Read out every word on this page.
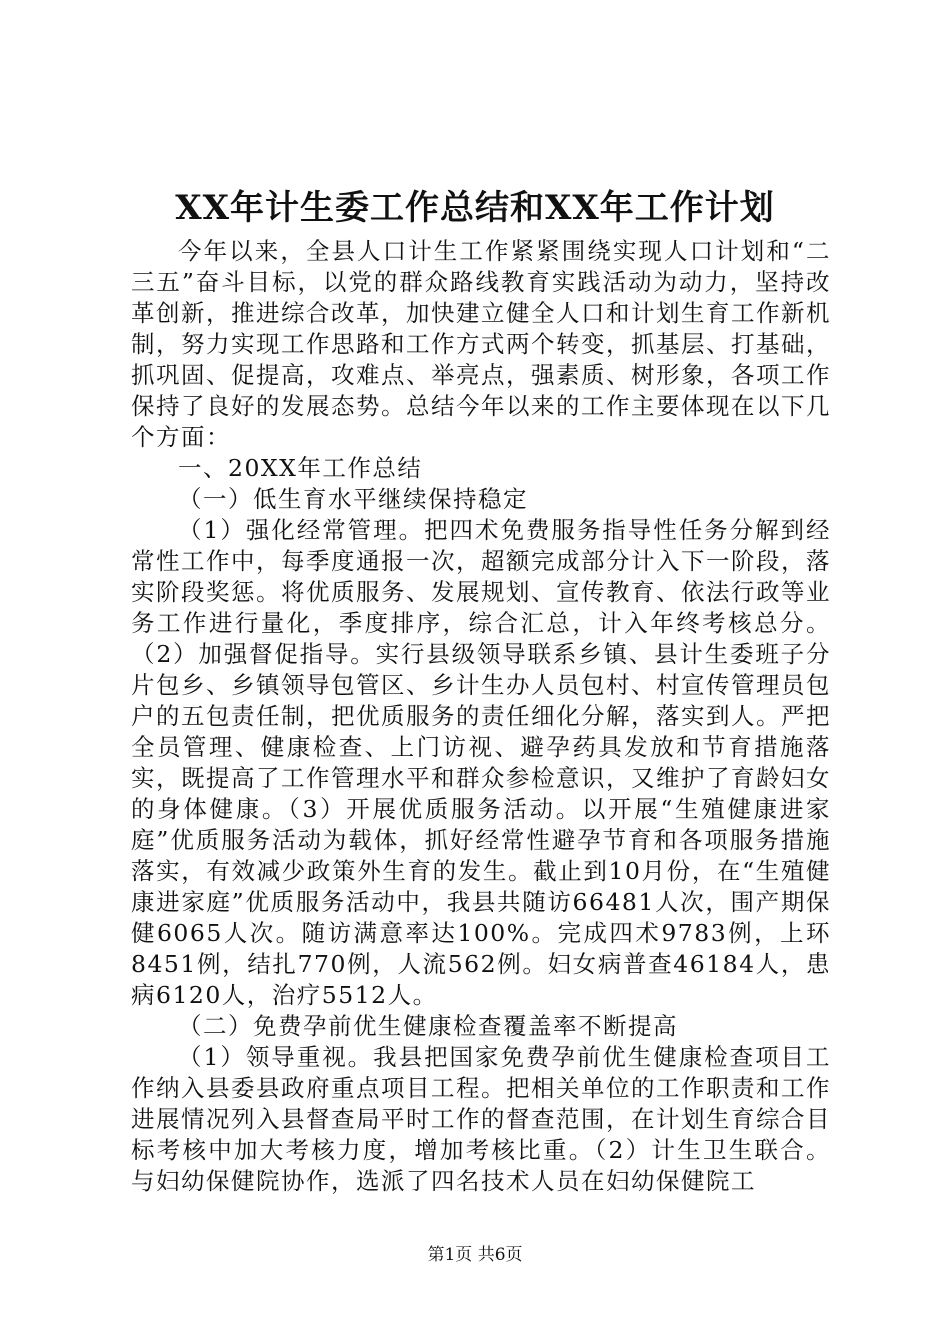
XX年计生委工作总结和XX年工作计划

今年以来，全县人口计生工作紧紧围绕实现人口计划和“二三五”奋斗目标，以党的群众路线教育实践活动为动力，坚持改革创新，推进综合改革，加快建立健全人口和计划生育工作新机制，努力实现工作思路和工作方式两个转变，抓基层、打基础，抓巩固、促提高，攻难点、举亮点，强素质、树形象，各项工作保持了良好的发展态势。总结今年以来的工作主要体现在以下几个方面：

一、20XX年工作总结

（一）低生育水平继续保持稳定

（1）强化经常管理。把四术免费服务指导性任务分解到经常性工作中，每季度通报一次，超额完成部分计入下一阶段，落实阶段奖惩。将优质服务、发展规划、宣传教育、依法行政等业务工作进行量化，季度排序，综合汇总，计入年终考核总分。（2）加强督促指导。实行县级领导联系乡镇、县计生委班子分片包乡、乡镇领导包管区、乡计生办人员包村、村宣传管理员包户的五包责任制，把优质服务的责任细化分解，落实到人。严把全员管理、健康检查、上门访视、避孕药具发放和节育措施落实，既提高了工作管理水平和群众参检意识，又维护了育龄妇女的身体健康。（3）开展优质服务活动。以开展“生殖健康进家庭”优质服务活动为载体，抓好经常性避孕节育和各项服务措施落实，有效减少政策外生育的发生。截止到10月份，在“生殖健康进家庭”优质服务活动中，我县共随访66481人次，围产期保健6065人次。随访满意率达100%。完成四术9783例，上环8451例，结扎770例，人流562例。妇女病普查46184人，患病6120人，治疗5512人。

（二）免费孕前优生健康检查覆盖率不断提高

（1）领导重视。我县把国家免费孕前优生健康检查项目工作纳入县委县政府重点项目工程。把相关单位的工作职责和工作进展情况列入县督查局平时工作的督查范围，在计划生育综合目标考核中加大考核力度，增加考核比重。（2）计生卫生联合。与妇幼保健院协作，选派了四名技术人员在妇幼保健院工

第1页 共6页
